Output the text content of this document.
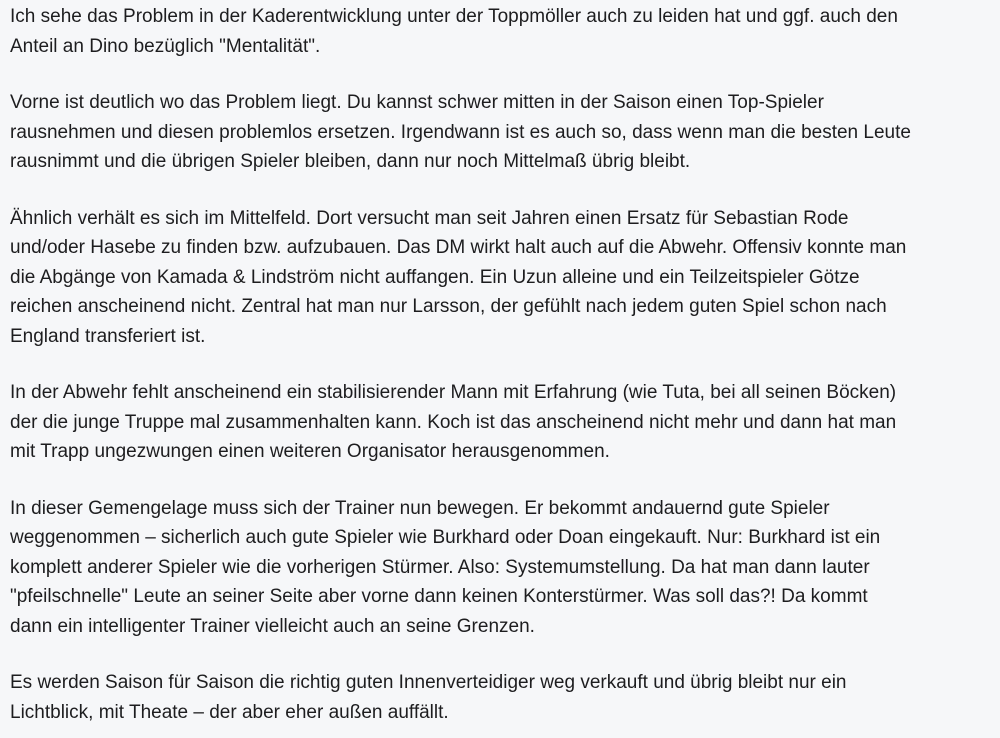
Ich sehe das Problem in der Kaderentwicklung unter der Toppmöller auch zu leiden hat und ggf. auch den
Anteil an Dino bezüglich "Mentalität".

Vorne ist deutlich wo das Problem liegt. Du kannst schwer mitten in der Saison einen Top-Spieler
rausnehmen und diesen problemlos ersetzen. Irgendwann ist es auch so, dass wenn man die besten Leute
rausnimmt und die übrigen Spieler bleiben, dann nur noch Mittelmaß übrig bleibt.

Ähnlich verhält es sich im Mittelfeld. Dort versucht man seit Jahren einen Ersatz für Sebastian Rode
und/oder Hasebe zu finden bzw. aufzubauen. Das DM wirkt halt auch auf die Abwehr. Offensiv konnte man
die Abgänge von Kamada & Lindström nicht auffangen. Ein Uzun alleine und ein Teilzeitspieler Götze
reichen anscheinend nicht. Zentral hat man nur Larsson, der gefühlt nach jedem guten Spiel schon nach
England transferiert ist.

In der Abwehr fehlt anscheinend ein stabilisierender Mann mit Erfahrung (wie Tuta, bei all seinen Böcken)
der die junge Truppe mal zusammenhalten kann. Koch ist das anscheinend nicht mehr und dann hat man
mit Trapp ungezwungen einen weiteren Organisator herausgenommen.

In dieser Gemengelage muss sich der Trainer nun bewegen. Er bekommt andauernd gute Spieler
weggenommen – sicherlich auch gute Spieler wie Burkhard oder Doan eingekauft. Nur: Burkhard ist ein
komplett anderer Spieler wie die vorherigen Stürmer. Also: Systemumstellung. Da hat man dann lauter
"pfeilschnelle" Leute an seiner Seite aber vorne dann keinen Konterstürmer. Was soll das?! Da kommt
dann ein intelligenter Trainer vielleicht auch an seine Grenzen.

Es werden Saison für Saison die richtig guten Innenverteidiger weg verkauft und übrig bleibt nur ein
Lichtblick, mit Theate – der aber eher außen auffällt.
